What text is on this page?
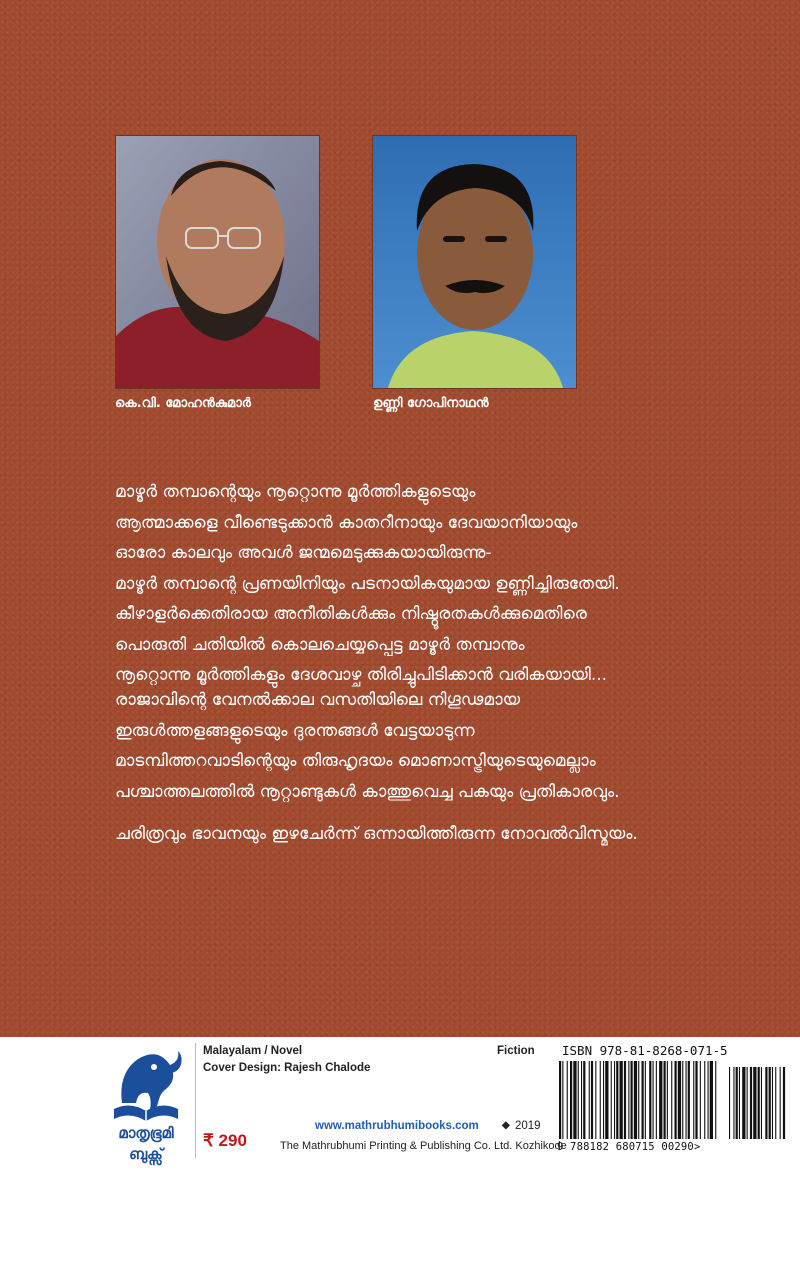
കെ.വി. മോഹൻകുമാർ	ഉണ്ണി ഗോപിനാഥൻ

മാഴൂർ തമ്പാന്റെയും നൂറ്റൊന്നു മൂർത്തികളുടെയും

ആത്മാക്കളെ വീണ്ടെടുക്കാൻ കാതറീനായും ദേവയാനിയായും

ഓരോ കാലവും അവൾ ജന്മമെടുക്കുകയായിരുന്നു-

മാഴൂർ തമ്പാന്റെ പ്രണയിനിയും പടനായികയുമായ ഉണ്ണിച്ചിരുതേയി.

കീഴാളർക്കെതിരായ അനീതികൾക്കും നിഷ്ഠൂരതകൾക്കുമെതിരെ

പൊരുതി ചതിയിൽ കൊലചെയ്യപ്പെട്ട മാഴൂർ തമ്പാനും

നൂറ്റൊന്നു മൂർത്തികളും ദേശവാഴ്ച തിരിച്ചുപിടിക്കാൻ വരികയായി...

രാജാവിന്റെ വേനൽക്കാല വസതിയിലെ നിഗൂഢമായ

ഇരുൾത്തളങ്ങളുടെയും ദുരന്തങ്ങൾ വേട്ടയാടുന്ന

മാടമ്പിത്തറവാടിന്റെയും തിരുഹൃദയം മൊണാസ്ട്രിയുടെയുമെല്ലാം

പശ്ചാത്തലത്തിൽ നൂറ്റാണ്ടുകൾ കാത്തുവെച്ച പകയും പ്രതികാരവും.

ചരിത്രവും ഭാവനയും ഇഴചേർന്ന് ഒന്നായിത്തീരുന്ന നോവൽവിസ്മയം.

മാതൃഭൂമി
ബുക്സ്
Malayalam / Novel
Cover Design: Rajesh Chalode
Fiction
www.mathrubhumibooks.com ◆ 2019
The Mathrubhumi Printing & Publishing Co. Ltd. Kozhikode
₹ 290
ISBN 978-81-8268-071-5
9 788182 680715 00290>
